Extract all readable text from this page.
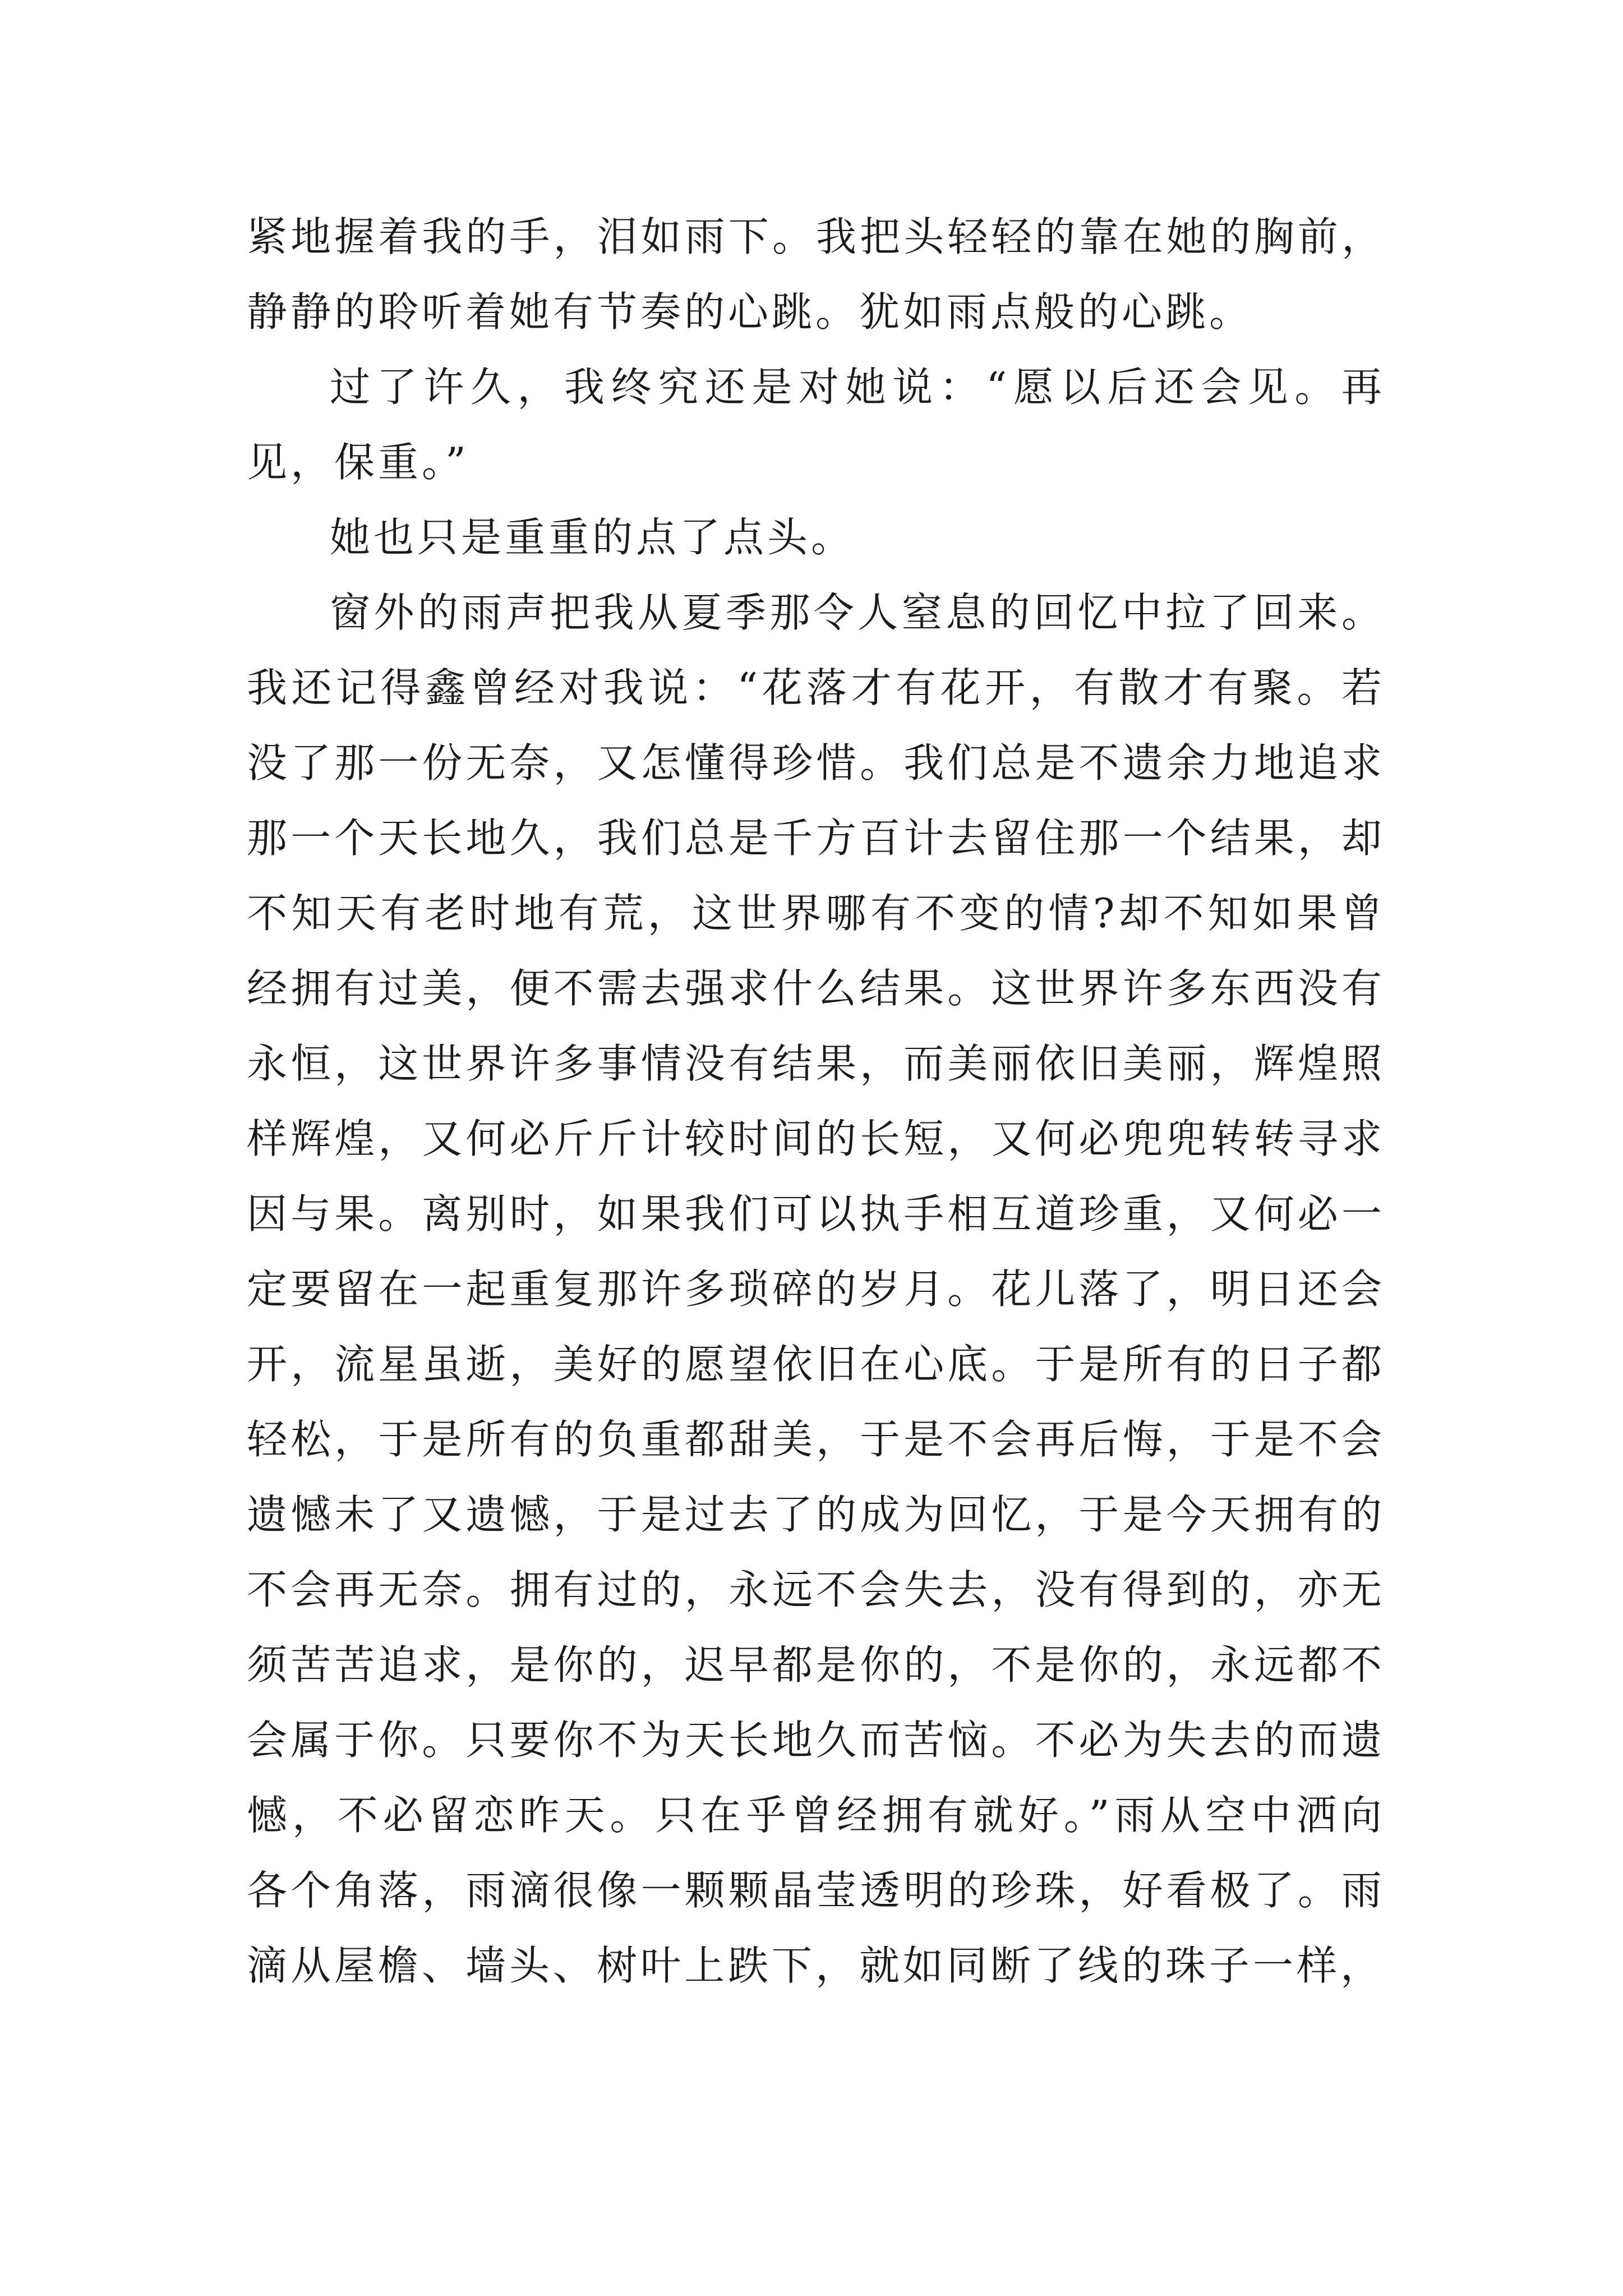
紧地握着我的手，泪如雨下。我把头轻轻的靠在她的胸前，静静的聆听着她有节奏的心跳。犹如雨点般的心跳。

过了许久，我终究还是对她说：“愿以后还会见。再见，保重。”

她也只是重重的点了点头。

窗外的雨声把我从夏季那令人窒息的回忆中拉了回来。我还记得鑫曾经对我说：“花落才有花开，有散才有聚。若没了那一份无奈，又怎懂得珍惜。我们总是不遗余力地追求那一个天长地久，我们总是千方百计去留住那一个结果，却不知天有老时地有荒，这世界哪有不变的情?却不知如果曾经拥有过美，便不需去强求什么结果。这世界许多东西没有永恒，这世界许多事情没有结果，而美丽依旧美丽，辉煌照样辉煌，又何必斤斤计较时间的长短，又何必兜兜转转寻求因与果。离别时，如果我们可以执手相互道珍重，又何必一定要留在一起重复那许多琐碎的岁月。花儿落了，明日还会开，流星虽逝，美好的愿望依旧在心底。于是所有的日子都轻松，于是所有的负重都甜美，于是不会再后悔，于是不会遗憾未了又遗憾，于是过去了的成为回忆，于是今天拥有的不会再无奈。拥有过的，永远不会失去，没有得到的，亦无须苦苦追求，是你的，迟早都是你的，不是你的，永远都不会属于你。只要你不为天长地久而苦恼。不必为失去的而遗憾，不必留恋昨天。只在乎曾经拥有就好。”雨从空中洒向各个角落，雨滴很像一颗颗晶莹透明的珍珠，好看极了。雨滴从屋檐、墙头、树叶上跌下，就如同断了线的珠子一样，
